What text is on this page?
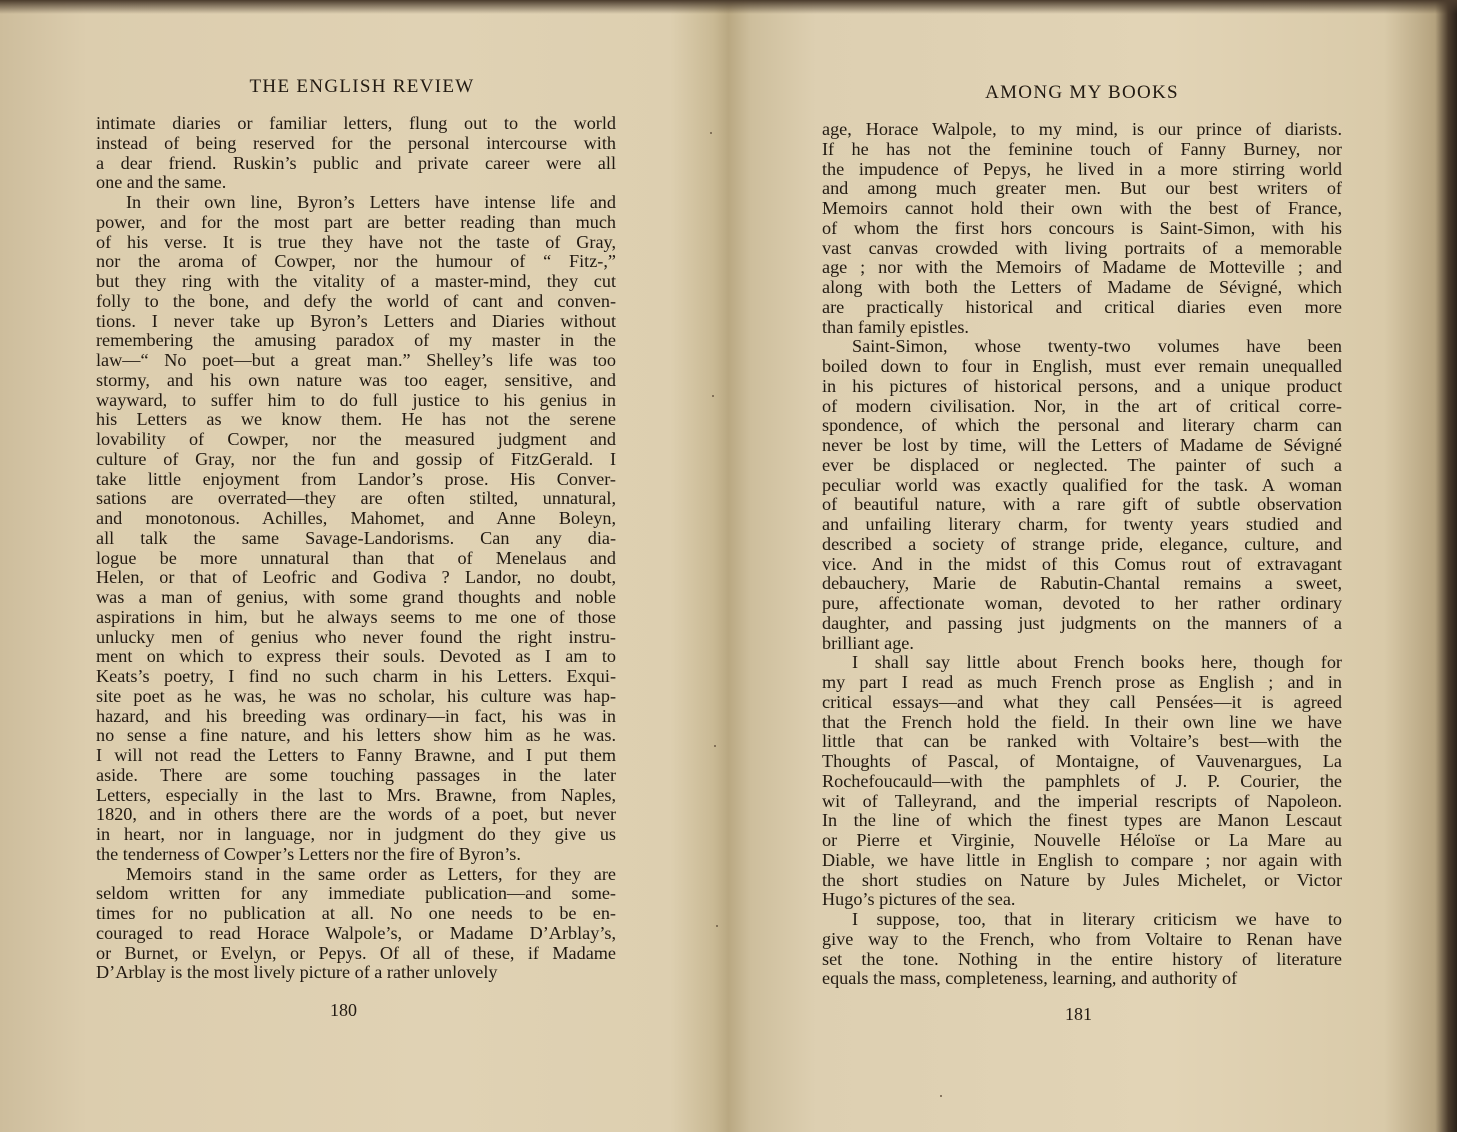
THE ENGLISH REVIEW
intimate diaries or familiar letters, flung out to the world
instead of being reserved for the personal intercourse with
a dear friend. Ruskin’s public and private career were all
one and the same.
In their own line, Byron’s Letters have intense life and
power, and for the most part are better reading than much
of his verse. It is true they have not the taste of Gray,
nor the aroma of Cowper, nor the humour of “ Fitz-,”
but they ring with the vitality of a master-mind, they cut
folly to the bone, and defy the world of cant and conven-
tions. I never take up Byron’s Letters and Diaries without
remembering the amusing paradox of my master in the
law—“ No poet—but a great man.” Shelley’s life was too
stormy, and his own nature was too eager, sensitive, and
wayward, to suffer him to do full justice to his genius in
his Letters as we know them. He has not the serene
lovability of Cowper, nor the measured judgment and
culture of Gray, nor the fun and gossip of FitzGerald. I
take little enjoyment from Landor’s prose. His Conver-
sations are overrated—they are often stilted, unnatural,
and monotonous. Achilles, Mahomet, and Anne Boleyn,
all talk the same Savage-Landorisms. Can any dia-
logue be more unnatural than that of Menelaus and
Helen, or that of Leofric and Godiva ? Landor, no doubt,
was a man of genius, with some grand thoughts and noble
aspirations in him, but he always seems to me one of those
unlucky men of genius who never found the right instru-
ment on which to express their souls. Devoted as I am to
Keats’s poetry, I find no such charm in his Letters. Exqui-
site poet as he was, he was no scholar, his culture was hap-
hazard, and his breeding was ordinary—in fact, his was in
no sense a fine nature, and his letters show him as he was.
I will not read the Letters to Fanny Brawne, and I put them
aside. There are some touching passages in the later
Letters, especially in the last to Mrs. Brawne, from Naples,
1820, and in others there are the words of a poet, but never
in heart, nor in language, nor in judgment do they give us
the tenderness of Cowper’s Letters nor the fire of Byron’s.
Memoirs stand in the same order as Letters, for they are
seldom written for any immediate publication—and some-
times for no publication at all. No one needs to be en-
couraged to read Horace Walpole’s, or Madame D’Arblay’s,
or Burnet, or Evelyn, or Pepys. Of all of these, if Madame
D’Arblay is the most lively picture of a rather unlovely
AMONG MY BOOKS
age, Horace Walpole, to my mind, is our prince of diarists.
If he has not the feminine touch of Fanny Burney, nor
the impudence of Pepys, he lived in a more stirring world
and among much greater men. But our best writers of
Memoirs cannot hold their own with the best of France,
of whom the first hors concours is Saint-Simon, with his
vast canvas crowded with living portraits of a memorable
age ; nor with the Memoirs of Madame de Motteville ; and
along with both the Letters of Madame de Sévigné, which
are practically historical and critical diaries even more
than family epistles.
Saint-Simon, whose twenty-two volumes have been
boiled down to four in English, must ever remain unequalled
in his pictures of historical persons, and a unique product
of modern civilisation. Nor, in the art of critical corre-
spondence, of which the personal and literary charm can
never be lost by time, will the Letters of Madame de Sévigné
ever be displaced or neglected. The painter of such a
peculiar world was exactly qualified for the task. A woman
of beautiful nature, with a rare gift of subtle observation
and unfailing literary charm, for twenty years studied and
described a society of strange pride, elegance, culture, and
vice. And in the midst of this Comus rout of extravagant
debauchery, Marie de Rabutin-Chantal remains a sweet,
pure, affectionate woman, devoted to her rather ordinary
daughter, and passing just judgments on the manners of a
brilliant age.
I shall say little about French books here, though for
my part I read as much French prose as English ; and in
critical essays—and what they call Pensées—it is agreed
that the French hold the field. In their own line we have
little that can be ranked with Voltaire’s best—with the
Thoughts of Pascal, of Montaigne, of Vauvenargues, La
Rochefoucauld—with the pamphlets of J. P. Courier, the
wit of Talleyrand, and the imperial rescripts of Napoleon.
In the line of which the finest types are Manon Lescaut
or Pierre et Virginie, Nouvelle Héloïse or La Mare au
Diable, we have little in English to compare ; nor again with
the short studies on Nature by Jules Michelet, or Victor
Hugo’s pictures of the sea.
I suppose, too, that in literary criticism we have to
give way to the French, who from Voltaire to Renan have
set the tone. Nothing in the entire history of literature
equals the mass, completeness, learning, and authority of
180	181
